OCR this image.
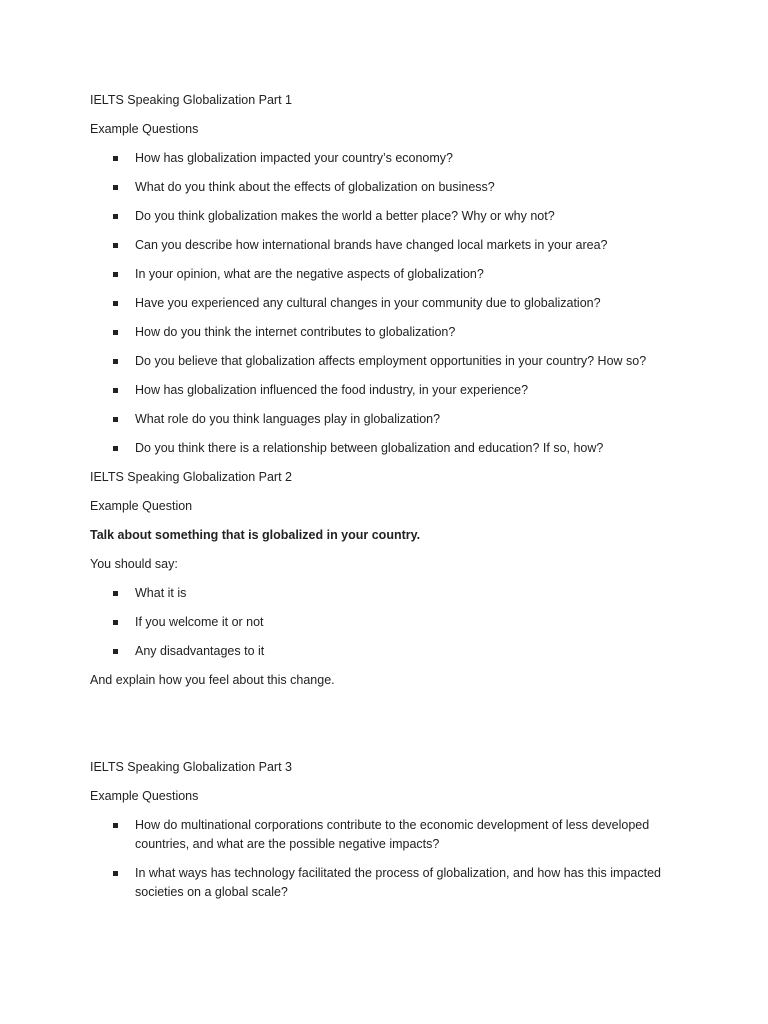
IELTS Speaking Globalization Part 1

Example Questions

How has globalization impacted your country’s economy?
What do you think about the effects of globalization on business?
Do you think globalization makes the world a better place? Why or why not?
Can you describe how international brands have changed local markets in your area?
In your opinion, what are the negative aspects of globalization?
Have you experienced any cultural changes in your community due to globalization?
How do you think the internet contributes to globalization?
Do you believe that globalization affects employment opportunities in your country? How so?
How has globalization influenced the food industry, in your experience?
What role do you think languages play in globalization?
Do you think there is a relationship between globalization and education? If so, how?

IELTS Speaking Globalization Part 2

Example Question

Talk about something that is globalized in your country.

You should say:

What it is
If you welcome it or not
Any disadvantages to it

And explain how you feel about this change.

IELTS Speaking Globalization Part 3

Example Questions

How do multinational corporations contribute to the economic development of less developed countries, and what are the possible negative impacts?
In what ways has technology facilitated the process of globalization, and how has this impacted societies on a global scale?
